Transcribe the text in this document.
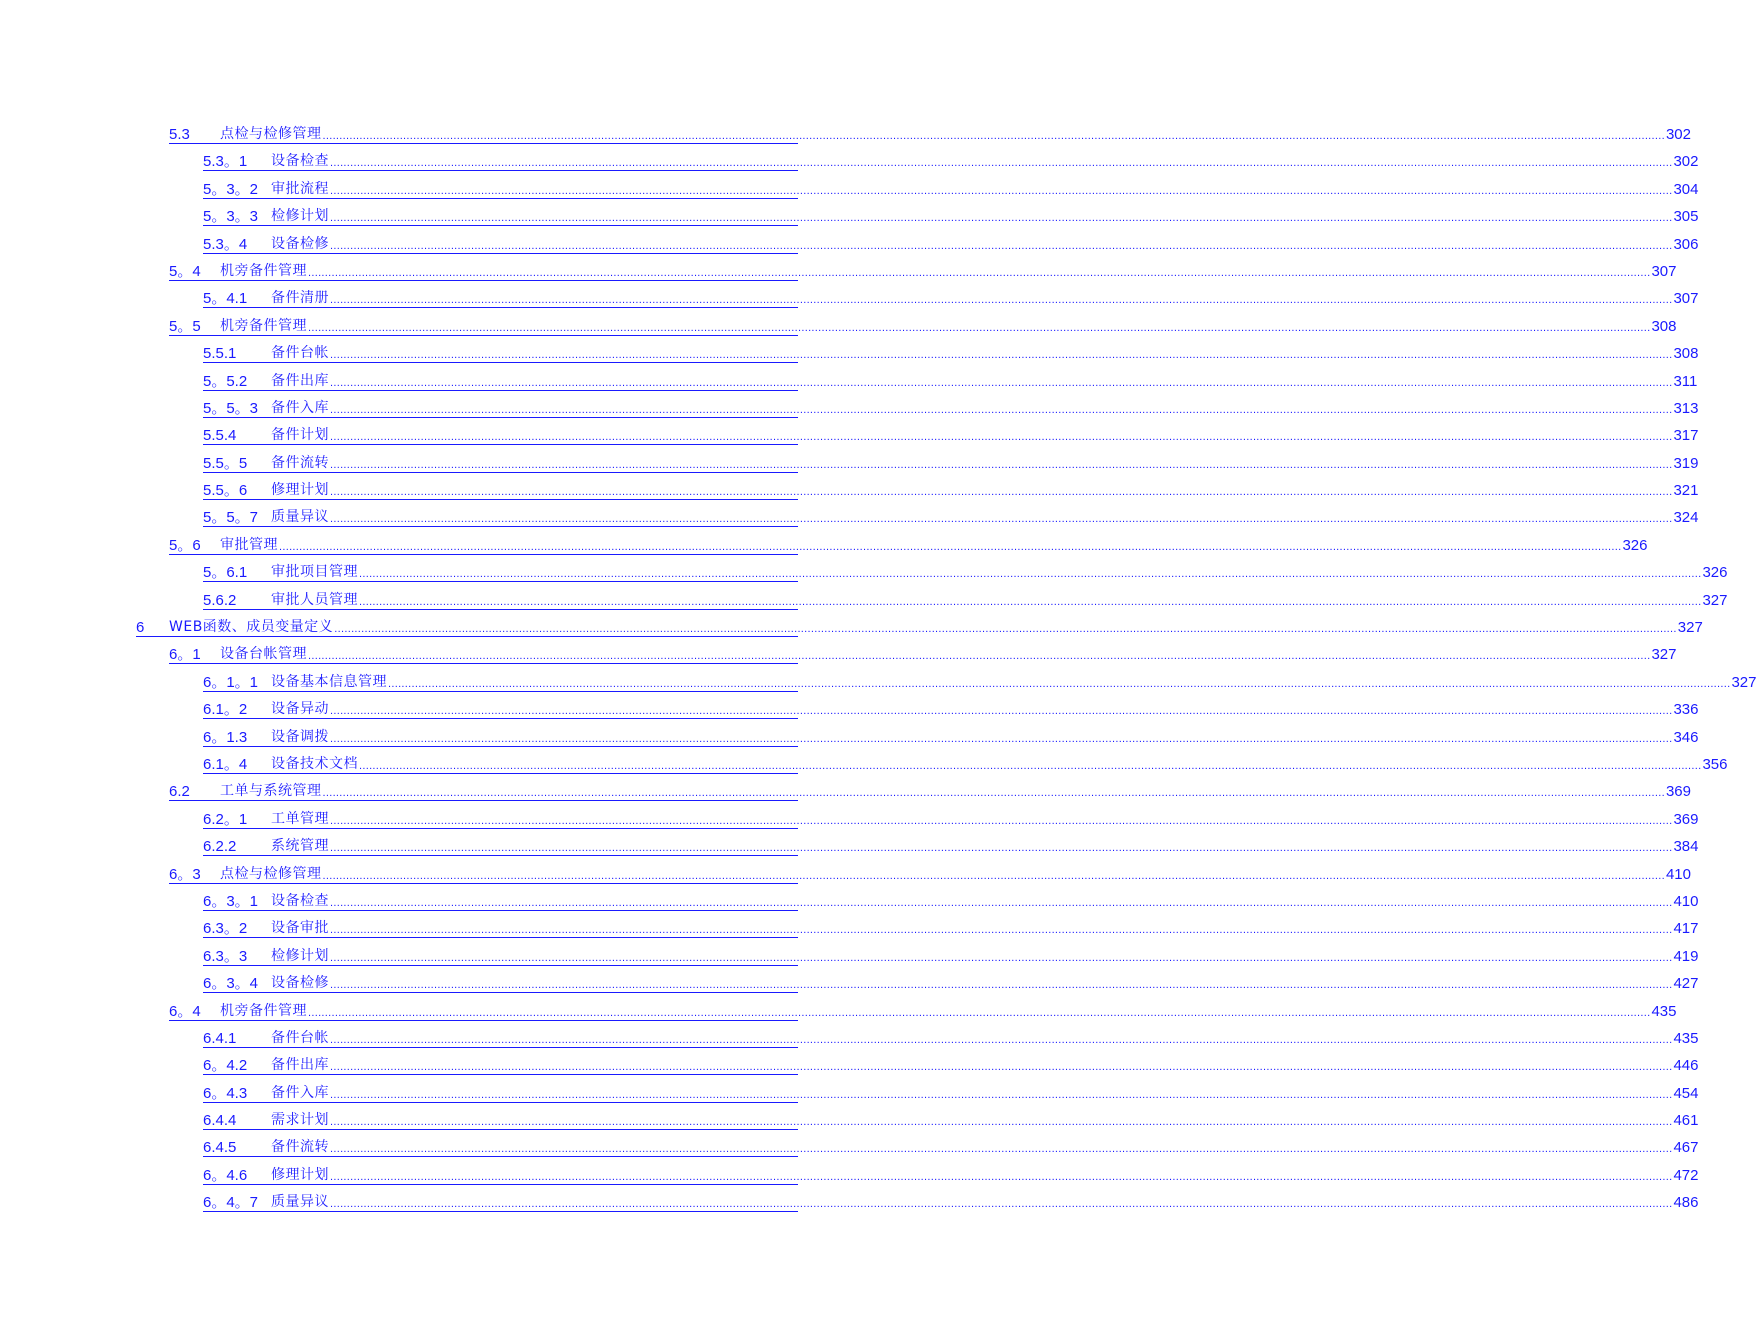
5.3	点检与检修管理 ................................................................................................................................................................................................................................................................................................................................................................................................................ 302
5.3。1	设备检查 ................................................................................................................................................................................................................................................................................................................................................................................................................ 302
5。3。2 审批流程 ................................................................................................................................................................................................................................................................................................................................................................................................................ 304
5。3。3 检修计划 ................................................................................................................................................................................................................................................................................................................................................................................................................ 305
5.3。4	设备检修 ................................................................................................................................................................................................................................................................................................................................................................................................................ 306
5。4	机旁备件管理 ................................................................................................................................................................................................................................................................................................................................................................................................................ 307
5。4.1	备件清册 ................................................................................................................................................................................................................................................................................................................................................................................................................ 307
5。5	机旁备件管理 ................................................................................................................................................................................................................................................................................................................................................................................................................ 308
5.5.1	备件台帐 ................................................................................................................................................................................................................................................................................................................................................................................................................ 308
5。5.2	备件出库 ................................................................................................................................................................................................................................................................................................................................................................................................................ 311
5。5。3 备件入库 ................................................................................................................................................................................................................................................................................................................................................................................................................ 313
5.5.4	备件计划 ................................................................................................................................................................................................................................................................................................................................................................................................................ 317
5.5。5	备件流转 ................................................................................................................................................................................................................................................................................................................................................................................................................ 319
5.5。6	修理计划 ................................................................................................................................................................................................................................................................................................................................................................................................................ 321
5。5。7 质量异议 ................................................................................................................................................................................................................................................................................................................................................................................................................ 324
5。6	审批管理 ................................................................................................................................................................................................................................................................................................................................................................................................................ 326
5。6.1	审批项目管理 ................................................................................................................................................................................................................................................................................................................................................................................................................ 326
5.6.2	审批人员管理 ................................................................................................................................................................................................................................................................................................................................................................................................................ 327
6	WEB函数、成员变量定义 ................................................................................................................................................................................................................................................................................................................................................................................................................ 327
6。1	设备台帐管理 ................................................................................................................................................................................................................................................................................................................................................................................................................ 327
6。1。1 设备基本信息管理 ................................................................................................................................................................................................................................................................................................................................................................................................................ 327
6.1。2	设备异动 ................................................................................................................................................................................................................................................................................................................................................................................................................ 336
6。1.3	设备调拨 ................................................................................................................................................................................................................................................................................................................................................................................................................ 346
6.1。4	设备技术文档 ................................................................................................................................................................................................................................................................................................................................................................................................................ 356
6.2	工单与系统管理 ................................................................................................................................................................................................................................................................................................................................................................................................................ 369
6.2。1	工单管理 ................................................................................................................................................................................................................................................................................................................................................................................................................ 369
6.2.2	系统管理 ................................................................................................................................................................................................................................................................................................................................................................................................................ 384
6。3	点检与检修管理 ................................................................................................................................................................................................................................................................................................................................................................................................................ 410
6。3。1 设备检查 ................................................................................................................................................................................................................................................................................................................................................................................................................ 410
6.3。2	设备审批 ................................................................................................................................................................................................................................................................................................................................................................................................................ 417
6.3。3	检修计划 ................................................................................................................................................................................................................................................................................................................................................................................................................ 419
6。3。4 设备检修 ................................................................................................................................................................................................................................................................................................................................................................................................................ 427
6。4	机旁备件管理 ................................................................................................................................................................................................................................................................................................................................................................................................................ 435
6.4.1	备件台帐 ................................................................................................................................................................................................................................................................................................................................................................................................................ 435
6。4.2	备件出库 ................................................................................................................................................................................................................................................................................................................................................................................................................ 446
6。4.3	备件入库 ................................................................................................................................................................................................................................................................................................................................................................................................................ 454
6.4.4	需求计划 ................................................................................................................................................................................................................................................................................................................................................................................................................ 461
6.4.5	备件流转 ................................................................................................................................................................................................................................................................................................................................................................................................................ 467
6。4.6	修理计划 ................................................................................................................................................................................................................................................................................................................................................................................................................ 472
6。4。7 质量异议 ................................................................................................................................................................................................................................................................................................................................................................................................................ 486
